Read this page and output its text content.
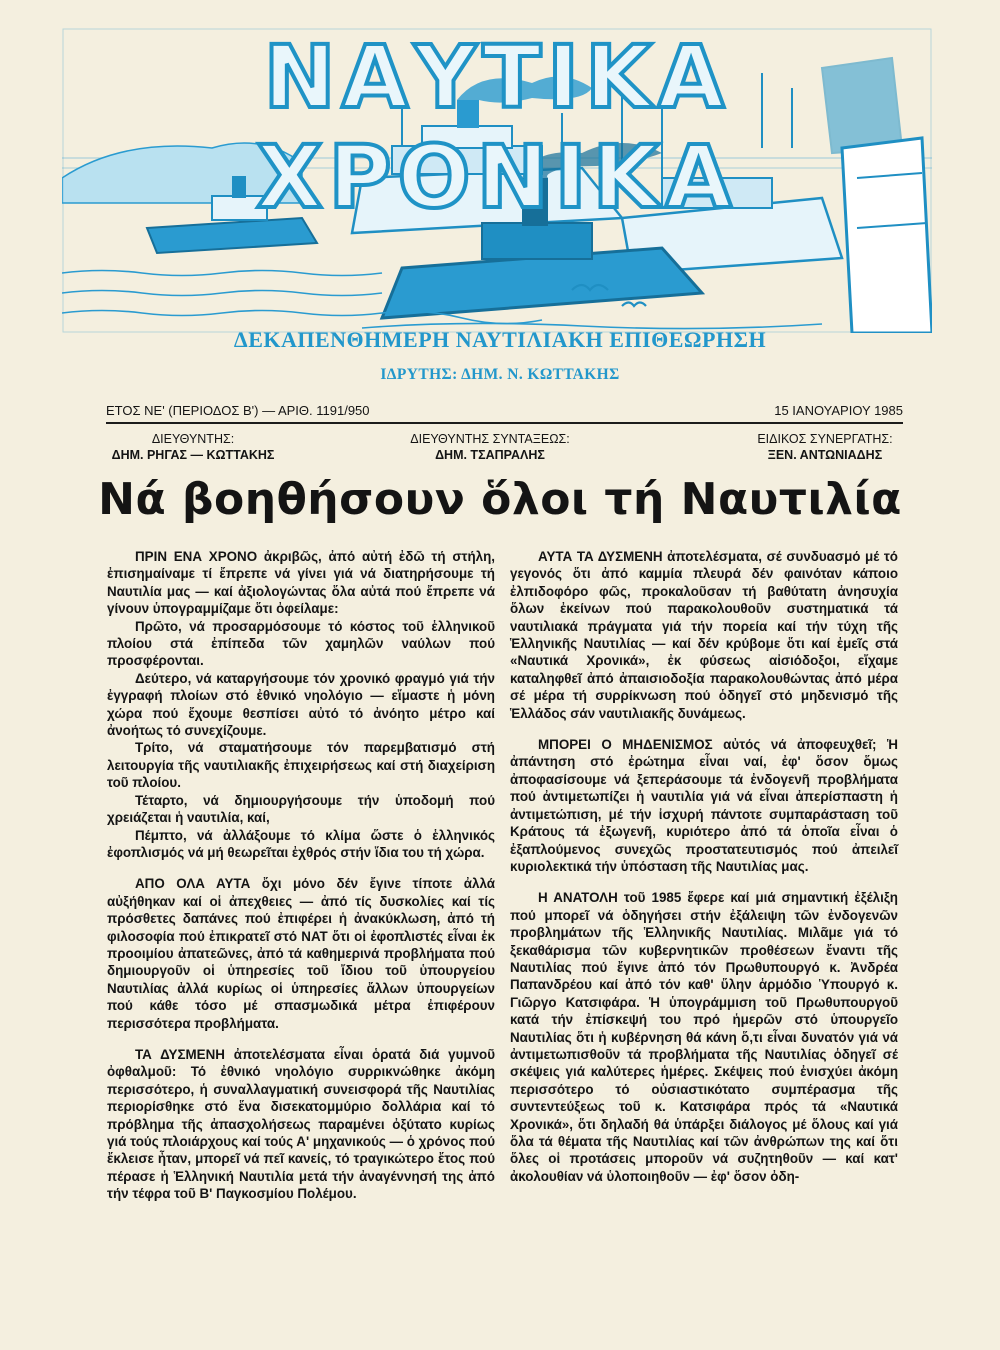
ΝΑΥΤΙΚΑ ΧΡΟΝΙΚΑ
ΔΕΚΑΠΕΝΘΗΜΕΡΗ ΝΑΥΤΙΛΙΑΚΗ ΕΠΙΘΕΩΡΗΣΗ
ΙΔΡΥΤΗΣ: ΔΗΜ. Ν. ΚΩΤΤΑΚΗΣ
ΕΤΟΣ ΝΕ' (ΠΕΡΙΟΔΟΣ Β') — ΑΡΙΘ. 1191/950	15 ΙΑΝΟΥΑΡΙΟΥ 1985
ΔΙΕΥΘΥΝΤΗΣ:
ΔΗΜ. ΡΗΓΑΣ — ΚΩΤΤΑΚΗΣ
ΔΙΕΥΘΥΝΤΗΣ ΣΥΝΤΑΞΕΩΣ:
ΔΗΜ. ΤΣΑΠΡΑΛΗΣ
ΕΙΔΙΚΟΣ ΣΥΝΕΡΓΑΤΗΣ:
ΞΕΝ. ΑΝΤΩΝΙΑΔΗΣ
Νά βοηθήσουν ὅλοι τή Ναυτιλία

ΠΡΙΝ ΕΝΑ ΧΡΟΝΟ ἀκριβῶς, ἀπό αὐτή ἐδῶ τή στήλη, ἐπισημαίναμε τί ἔπρεπε νά γίνει γιά νά διατηρήσουμε τή Ναυτιλία μας — καί ἀξιολογώντας ὅλα αὐτά πού ἔπρεπε νά γίνουν ὑπογραμμίζαμε ὅτι ὀφείλαμε:

Πρῶτο, νά προσαρμόσουμε τό κόστος τοῦ ἑλληνικοῦ πλοίου στά ἐπίπεδα τῶν χαμηλῶν ναύλων πού προσφέρονται.

Δεύτερο, νά καταργήσουμε τόν χρονικό φραγμό γιά τήν ἐγγραφή πλοίων στό ἐθνικό νηολόγιο — εἴμαστε ἡ μόνη χώρα πού ἔχουμε θεσπίσει αὐτό τό ἀνόητο μέτρο καί ἀνοήτως τό συνεχίζουμε.

Τρίτο, νά σταματήσουμε τόν παρεμβατισμό στή λειτουργία τῆς ναυτιλιακῆς ἐπιχειρήσεως καί στή διαχείριση τοῦ πλοίου.

Τέταρτο, νά δημιουργήσουμε τήν ὑποδομή πού χρειάζεται ἡ ναυτιλία, καί,

Πέμπτο, νά ἀλλάξουμε τό κλίμα ὥστε ὁ ἑλληνικός ἐφοπλισμός νά μή θεωρεῖται ἐχθρός στήν ἴδια του τή χώρα.

ΑΠΟ ΟΛΑ ΑΥΤΑ ὄχι μόνο δέν ἔγινε τίποτε ἀλλά αὐξήθηκαν καί οἱ ἀπεχθειες — ἀπό τίς δυσκολίες καί τίς πρόσθετες δαπάνες πού ἐπιφέρει ἡ ἀνακύκλωση, ἀπό τή φιλοσοφία πού ἐπικρατεῖ στό ΝΑΤ ὅτι οἱ ἐφοπλιστές εἶναι ἐκ προοιμίου ἀπατεῶνες, ἀπό τά καθημερινά προβλήματα πού δημιουργοῦν οἱ ὑπηρεσίες τοῦ ἴδιου τοῦ ὑπουργείου Ναυτιλίας ἀλλά κυρίως οἱ ὑπηρεσίες ἄλλων ὑπουργείων πού κάθε τόσο μέ σπασμωδικά μέτρα ἐπιφέρουν περισσότερα προβλήματα.

ΤΑ ΔΥΣΜΕΝΗ ἀποτελέσματα εἶναι ὁρατά διά γυμνοῦ ὀφθαλμοῦ: Τό ἐθνικό νηολόγιο συρρικνώθηκε ἀκόμη περισσότερο, ἡ συναλλαγματική συνεισφορά τῆς Ναυτιλίας περιορίσθηκε στό ἕνα δισεκατομμύριο δολλάρια καί τό πρόβλημα τῆς ἀπασχολήσεως παραμένει ὀξύτατο κυρίως γιά τούς πλοιάρχους καί τούς Α' μηχανικούς — ὁ χρόνος πού ἔκλεισε ἦταν, μπορεῖ νά πεῖ κανείς, τό τραγικώτερο ἔτος πού πέρασε ἡ Ἑλληνική Ναυτιλία μετά τήν ἀναγέννησή της ἀπό τήν τέφρα τοῦ Β' Παγκοσμίου Πολέμου.

ΑΥΤΑ ΤΑ ΔΥΣΜΕΝΗ ἀποτελέσματα, σέ συνδυασμό μέ τό γεγονός ὅτι ἀπό καμμία πλευρά δέν φαινόταν κάποιο ἐλπιδοφόρο φῶς, προκαλοῦσαν τή βαθύτατη ἀνησυχία ὅλων ἐκείνων πού παρακολουθοῦν συστηματικά τά ναυτιλιακά πράγματα γιά τήν πορεία καί τήν τύχη τῆς Ἑλληνικῆς Ναυτιλίας — καί δέν κρύβομε ὅτι καί ἐμεῖς στά «Ναυτικά Χρονικά», ἐκ φύσεως αἰσιόδοξοι, εἴχαμε καταληφθεῖ ἀπό ἀπαισιοδοξία παρακολουθώντας ἀπό μέρα σέ μέρα τή συρρίκνωση πού ὁδηγεῖ στό μηδενισμό τῆς Ἑλλάδος σάν ναυτιλιακῆς δυνάμεως.

ΜΠΟΡΕΙ Ο ΜΗΔΕΝΙΣΜΟΣ αὐτός νά ἀποφευχθεῖ; Ἡ ἀπάντηση στό ἐρώτημα εἶναι ναί, ἐφ' ὅσον ὅμως ἀποφασίσουμε νά ξεπεράσουμε τά ἐνδογενῆ προβλήματα πού ἀντιμετωπίζει ἡ ναυτιλία γιά νά εἶναι ἀπερίσπαστη ἡ ἀντιμετώπιση, μέ τήν ἰσχυρή πάντοτε συμπαράσταση τοῦ Κράτους τά ἐξωγενῆ, κυριότερο ἀπό τά ὁποῖα εἶναι ὁ ἐξαπλούμενος συνεχῶς προστατευτισμός πού ἀπειλεῖ κυριολεκτικά τήν ὑπόσταση τῆς Ναυτιλίας μας.

Η ΑΝΑΤΟΛΗ τοῦ 1985 ἔφερε καί μιά σημαντική ἐξέλιξη πού μπορεῖ νά ὁδηγήσει στήν ἐξάλειψη τῶν ἐνδογενῶν προβλημάτων τῆς Ἑλληνικῆς Ναυτιλίας. Μιλᾶμε γιά τό ξεκαθάρισμα τῶν κυβερνητικῶν προθέσεων ἔναντι τῆς Ναυτιλίας πού ἔγινε ἀπό τόν Πρωθυπουργό κ. Ἀνδρέα Παπανδρέου καί ἀπό τόν καθ' ὕλην ἁρμόδιο Ὑπουργό κ. Γιῶργο Κατσιφάρα. Ἡ ὑπογράμμιση τοῦ Πρωθυπουργοῦ κατά τήν ἐπίσκεψή του πρό ἡμερῶν στό ὑπουργεῖο Ναυτιλίας ὅτι ἡ κυβέρνηση θά κάνη ὅ,τι εἶναι δυνατόν γιά νά ἀντιμετωπισθοῦν τά προβλήματα τῆς Ναυτιλίας ὁδηγεῖ σέ σκέψεις γιά καλύτερες ἡμέρες. Σκέψεις πού ἐνισχύει ἀκόμη περισσότερο τό οὐσιαστικότατο συμπέρασμα τῆς συντεντεύξεως τοῦ κ. Κατσιφάρα πρός τά «Ναυτικά Χρονικά», ὅτι δηλαδή θά ὑπάρξει διάλογος μέ ὅλους καί γιά ὅλα τά θέματα τῆς Ναυτιλίας καί τῶν ἀνθρώπων της καί ὅτι ὅλες οἱ προτάσεις μποροῦν νά συζητηθοῦν — καί κατ' ἀκολουθίαν νά ὑλοποιηθοῦν — ἐφ' ὅσον ὀδη-
